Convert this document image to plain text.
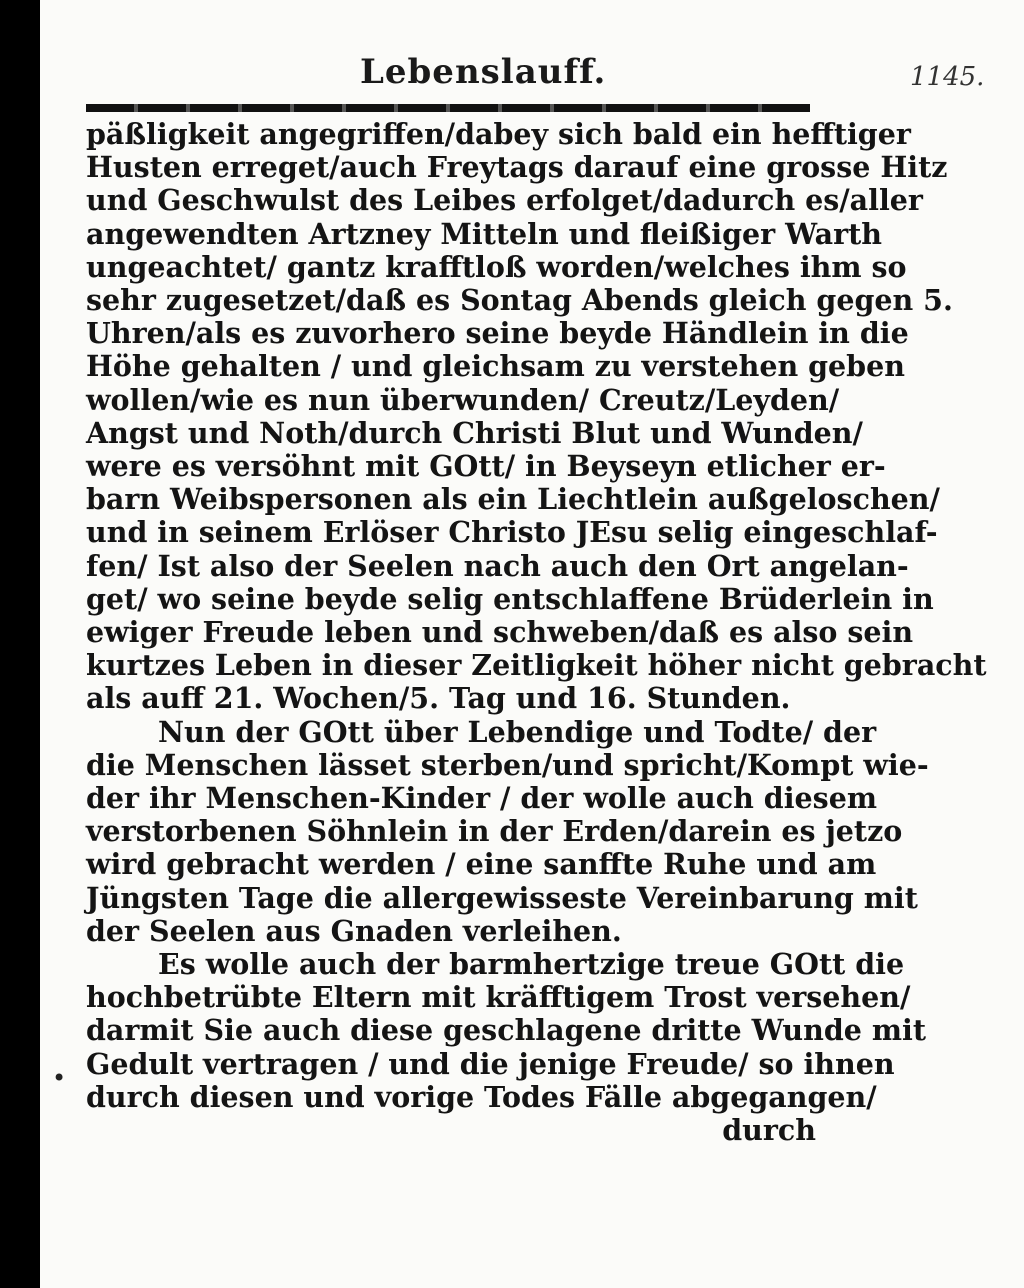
Lebenslauff.	1145.
päßligkeit angegriffen/dabey sich bald ein hefftiger
Husten erreget/auch Freytags darauf eine grosse Hitz
und Geschwulst des Leibes erfolget/dadurch es/aller
angewendten Artzney Mitteln und fleißiger Warth
ungeachtet/ gantz krafftloß worden/welches ihm so
sehr zugesetzet/daß es Sontag Abends gleich gegen 5.
Uhren/als es zuvorhero seine beyde Händlein in die
Höhe gehalten / und gleichsam zu verstehen geben
wollen/wie es nun überwunden/ Creutz/Leyden/
Angst und Noth/durch Christi Blut und Wunden/
were es versöhnt mit GOtt/ in Beyseyn etlicher er-
barn Weibspersonen als ein Liechtlein außgeloschen/
und in seinem Erlöser Christo JEsu selig eingeschlaf-
fen/ Ist also der Seelen nach auch den Ort angelan-
get/ wo seine beyde selig entschlaffene Brüderlein in
ewiger Freude leben und schweben/daß es also sein
kurtzes Leben in dieser Zeitligkeit höher nicht gebracht
als auff 21. Wochen/5. Tag und 16. Stunden.
Nun der GOtt über Lebendige und Todte/ der
die Menschen lässet sterben/und spricht/Kompt wie-
der ihr Menschen-Kinder / der wolle auch diesem
verstorbenen Söhnlein in der Erden/darein es jetzo
wird gebracht werden / eine sanffte Ruhe und am
Jüngsten Tage die allergewisseste Vereinbarung mit
der Seelen aus Gnaden verleihen.
Es wolle auch der barmhertzige treue GOtt die
hochbetrübte Eltern mit kräfftigem Trost versehen/
darmit Sie auch diese geschlagene dritte Wunde mit
Gedult vertragen / und die jenige Freude/ so ihnen
durch diesen und vorige Todes Fälle abgegangen/
durch
•
